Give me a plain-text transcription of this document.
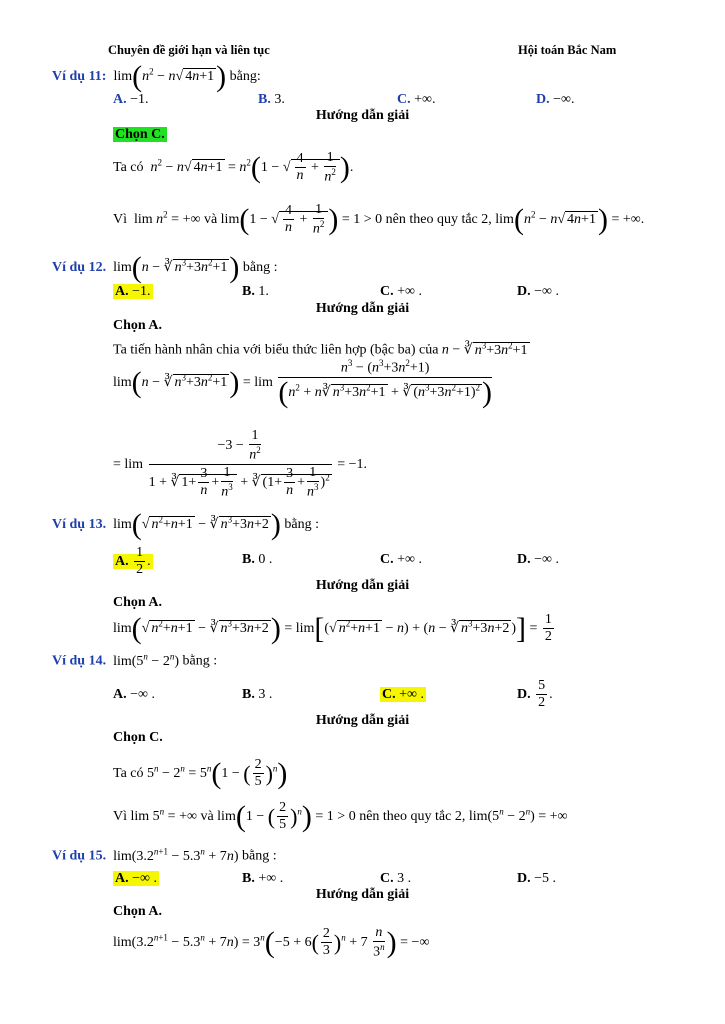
Chuyên đề giới hạn và liên tục	Hội toán Bắc Nam
Ví dụ 11:  $\lim(n^2 - n√$ 4n+1) bằng:
A. −1.	B. 3.	C. +∞.	D. −∞.
Hướng dẫn giải
Chọn C.
Ta có $n^2 - n√$ $4n+1 = n^2(1$ − √ $\frac{4}{n} + \frac{1}{n^2}$ ).
Vì  $\lim n^2$ = +∞ và lim(1 − √ $\frac{4}{n} + \frac{1}{n^2}$ ) = 1 > 0 nên theo quy tắc 2, $\lim(n^2 - n√$ 4n+1) = +∞.
Ví dụ 12.  lim(n − ∛ $n^3+3n^2+1$) bằng :
A. −1.	B. 1.	C. +∞ .	D. −∞ .
Hướng dẫn giải
Chọn A.
Ta tiến hành nhân chia với biểu thức liên hợp (bậc ba) của n − ∛ $n^3+3n^2+1$
lim(n − ∛ $n^3+3n^2+1) = \lim \frac{n^3 - (n^3+3n^2+1)}{(n^2 + n∛ n^3+3n^2+1 + ∛ (n^3+3n^2+1)^2)}$
= $\lim \frac{-3 - \frac{1}{n^2}}{1 + ∛ 1+ \frac{3}{n} + \frac{1}{n^3} + ∛ (1+ \frac{3}{n} + \frac{1}{n^3} )^2} = -1$.
Ví dụ 13.  lim(√ $n^2+n+1$ − ∛ $n^3+3n+2$) bằng :
A. $\frac{1}{2}$ .	B. 0 .	C. +∞ .	D. −∞ .
Hướng dẫn giải
Chọn A.
lim(√ $n^2+n+1$ − ∛ $n^3+3n+2) = \lim[(√$ $n^2+n+1 - n) + (n$ − ∛ $n^3+3n+2$ )] = $\frac{1}{2}$
Ví dụ 14.  $\lim(5^n - 2^n)$ bằng :
A. −∞ .	B. 3 .	C. +∞ .	D. $\frac{5}{2}$ .
Hướng dẫn giải
Chọn C.
Ta có $5^n - 2^n = 5^n(1$ − ( $\frac{2}{5} )^n$)
Vì $\lim 5^n$ = +∞ và lim(1 − ( $\frac{2}{5} )^n) = 1 > 0$ nên theo quy tắc 2, $\lim(5^n - 2^n)$ = +∞
Ví dụ 15.  $\lim(3.2^{n+1} - 5.3^n + 7n)$ bằng :
A. −∞ .	B. +∞ .	C. 3 .	D. −5 .
Hướng dẫn giải
Chọn A.
$\lim(3.2^{n+1} - 5.3^n + 7n) = 3^n(-5 + 6( \frac{2}{3} )^n + 7 \frac{n}{3^n}$ ) = −∞
